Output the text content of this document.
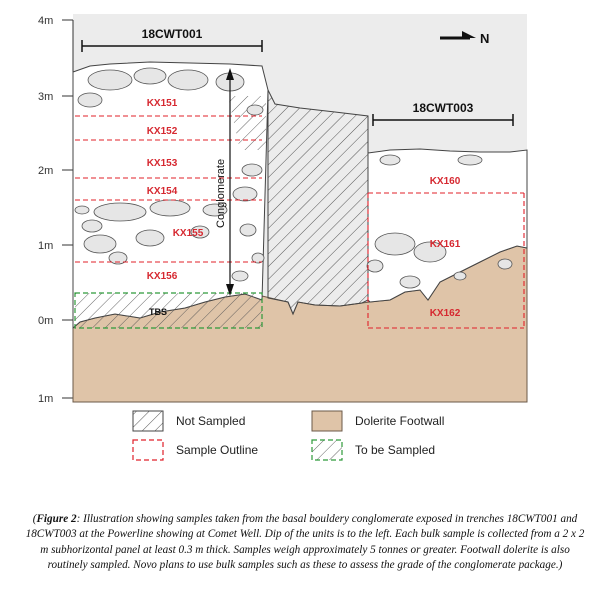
4m
3m
2m
1m
0m
1m
18CWT001
18CWT003
N
Conglomerate
KX151
KX152
KX153
KX154
KX155
KX156
KX160
KX161
KX162
TBS
Not Sampled
Sample Outline
Dolerite Footwall
To be Sampled
(Figure 2: Illustration showing samples taken from the basal bouldery conglomerate exposed in trenches 18CWT001 and 18CWT003 at the Powerline showing at Comet Well. Dip of the units is to the left. Each bulk sample is collected from a 2 x 2 m subhorizontal panel at least 0.3 m thick. Samples weigh approximately 5 tonnes or greater. Footwall dolerite is also routinely sampled. Novo plans to use bulk samples such as these to assess the grade of the conglomerate package.)
